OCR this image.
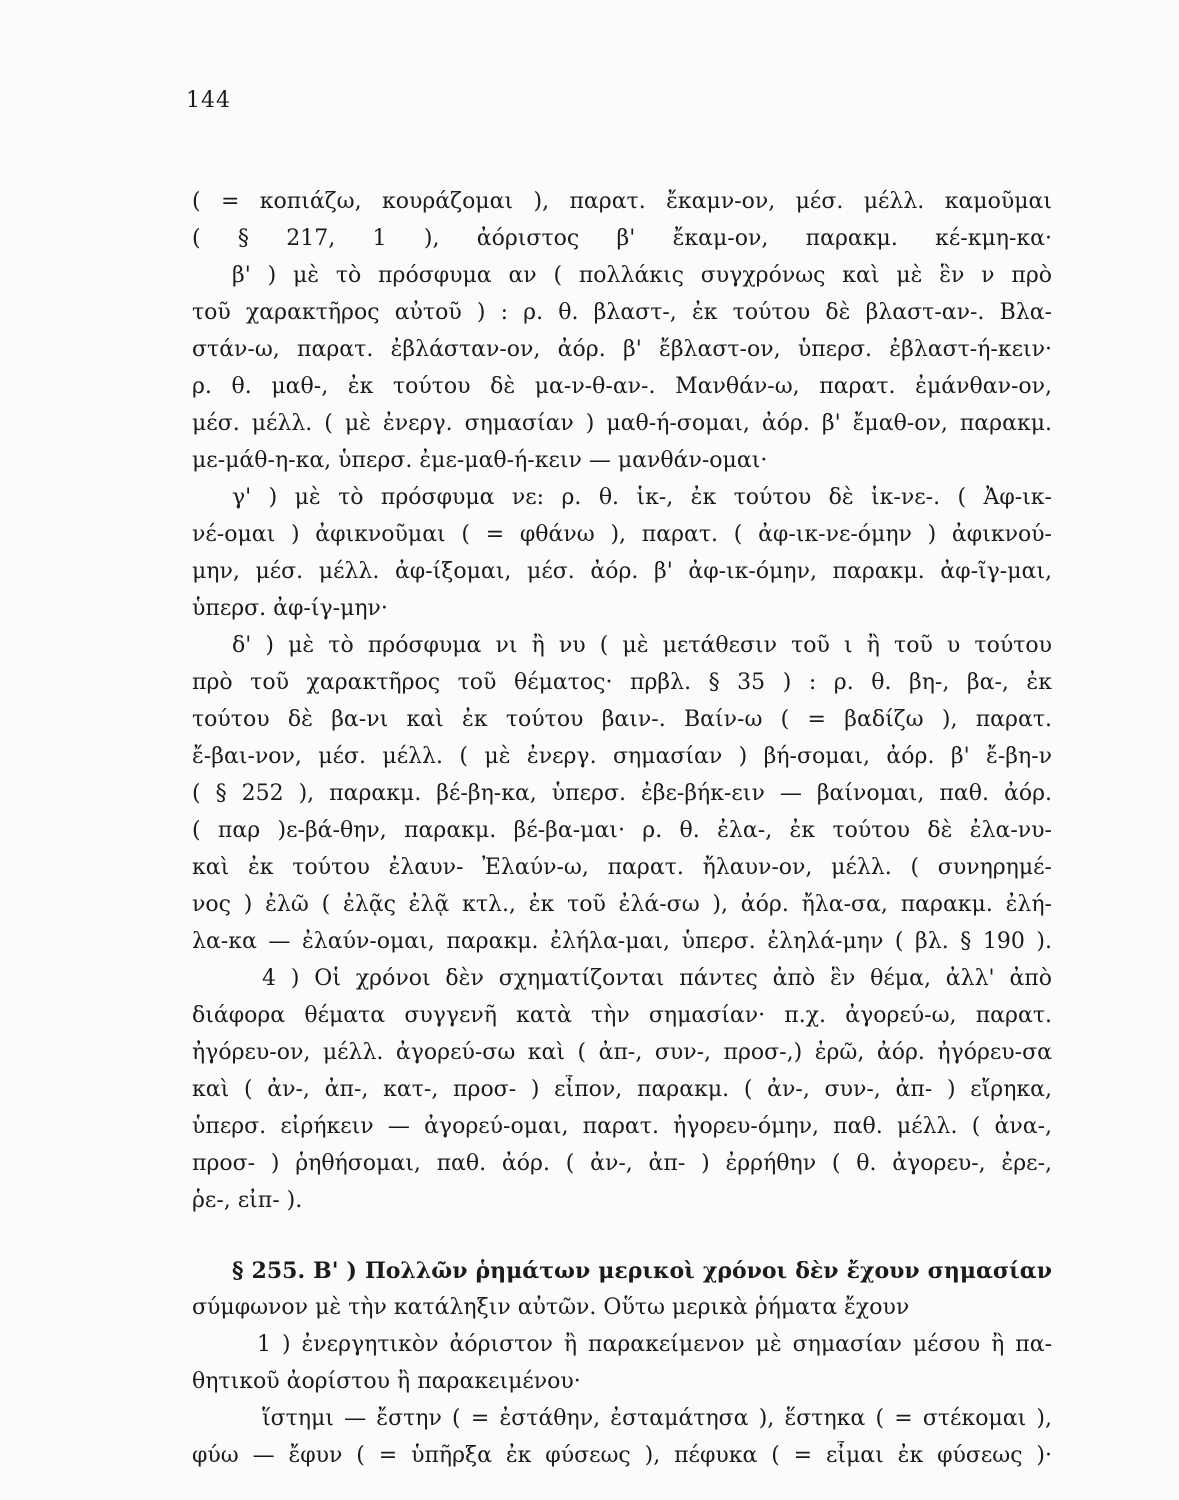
144
( = κοπιάζω, κουράζομαι ), παρατ. ἔκαμν-ον, μέσ. μέλλ. καμοῦμαι
( § 217, 1 ), ἀόριστος β' ἔκαμ-ον, παρακμ. κέ-κμη-κα·
β' ) μὲ τὸ πρόσφυμα αν ( πολλάκις συγχρόνως καὶ μὲ ἓν ν πρὸ
τοῦ χαρακτῆρος αὐτοῦ ) : ρ. θ. βλαστ-, ἐκ τούτου δὲ βλαστ-αν-. Βλα-
στάν-ω, παρατ. ἐβλάσταν-ον, ἀόρ. β' ἔβλαστ-ον, ὑπερσ. ἐβλαστ-ή-κειν·
ρ. θ. μαθ-, ἐκ τούτου δὲ μα-ν-θ-αν-. Μανθάν-ω, παρατ. ἐμάνθαν-ον,
μέσ. μέλλ. ( μὲ ἐνεργ. σημασίαν ) μαθ-ή-σομαι, ἀόρ. β' ἔμαθ-ον, παρακμ.
με-μάθ-η-κα, ὑπερσ. ἐμε-μαθ-ή-κειν — μανθάν-ομαι·
γ' ) μὲ τὸ πρόσφυμα νε: ρ. θ. ἱκ-, ἐκ τούτου δὲ ἱκ-νε-. ( Ἀφ-ικ-
νέ-ομαι ) ἀφικνοῦμαι ( = φθάνω ), παρατ. ( ἀφ-ικ-νε-όμην ) ἀφικνού-
μην, μέσ. μέλλ. ἀφ-ίξομαι, μέσ. ἀόρ. β' ἀφ-ικ-όμην, παρακμ. ἀφ-ῖγ-μαι,
ὑπερσ. ἀφ-ίγ-μην·
δ' ) μὲ τὸ πρόσφυμα νι ἢ νυ ( μὲ μετάθεσιν τοῦ ι ἢ τοῦ υ τούτου
πρὸ τοῦ χαρακτῆρος τοῦ θέματος· πρβλ. § 35 ) : ρ. θ. βη-, βα-, ἐκ
τούτου δὲ βα-νι καὶ ἐκ τούτου βαιν-. Βαίν-ω ( = βαδίζω ), παρατ.
ἔ-βαι-νον, μέσ. μέλλ. ( μὲ ἐνεργ. σημασίαν ) βή-σομαι, ἀόρ. β' ἔ-βη-ν
( § 252 ), παρακμ. βέ-βη-κα, ὑπερσ. ἐβε-βήκ-ειν — βαίνομαι, παθ. ἀόρ.
( παρ )ε-βά-θην, παρακμ. βέ-βα-μαι· ρ. θ. ἐλα-, ἐκ τούτου δὲ ἐλα-νυ-
καὶ ἐκ τούτου ἐλαυν- Ἐλαύν-ω, παρατ. ἤλαυν-ον, μέλλ. ( συνηρημέ-
νος ) ἐλῶ ( ἐλᾷς ἐλᾷ κτλ., ἐκ τοῦ ἐλά-σω ), ἀόρ. ἤλα-σα, παρακμ. ἐλή-
λα-κα — ἐλαύν-ομαι, παρακμ. ἐλήλα-μαι, ὑπερσ. ἐληλά-μην ( βλ. § 190 ).
4 ) Οἱ χρόνοι δὲν σχηματίζονται πάντες ἀπὸ ἓν θέμα, ἀλλ' ἀπὸ
διάφορα θέματα συγγενῆ κατὰ τὴν σημασίαν· π.χ. ἀγορεύ-ω, παρατ.
ἠγόρευ-ον, μέλλ. ἀγορεύ-σω καὶ ( ἀπ-, συν-, προσ-,) ἐρῶ, ἀόρ. ἠγόρευ-σα
καὶ ( ἀν-, ἀπ-, κατ-, προσ- ) εἶπον, παρακμ. ( ἀν-, συν-, ἀπ- ) εἴρηκα,
ὑπερσ. εἰρήκειν — ἀγορεύ-ομαι, παρατ. ἠγορευ-όμην, παθ. μέλλ. ( ἀνα-,
προσ- ) ῥηθήσομαι, παθ. ἀόρ. ( ἀν-, ἀπ- ) ἐρρήθην ( θ. ἀγορευ-, ἐρε-,
ῥε-, εἰπ- ).
§ 255. Β' ) Πολλῶν ῥημάτων μερικοὶ χρόνοι δὲν ἔχουν σημασίαν
σύμφωνον μὲ τὴν κατάληξιν αὐτῶν. Οὕτω μερικὰ ῥήματα ἔχουν
1 ) ἐνεργητικὸν ἀόριστον ἢ παρακείμενον μὲ σημασίαν μέσου ἢ πα-
θητικοῦ ἀορίστου ἢ παρακειμένου·
ἵστημι — ἔστην ( = ἐστάθην, ἐσταμάτησα ), ἕστηκα ( = στέκομαι ),
φύω — ἔφυν ( = ὑπῆρξα ἐκ φύσεως ), πέφυκα ( = εἶμαι ἐκ φύσεως )·
